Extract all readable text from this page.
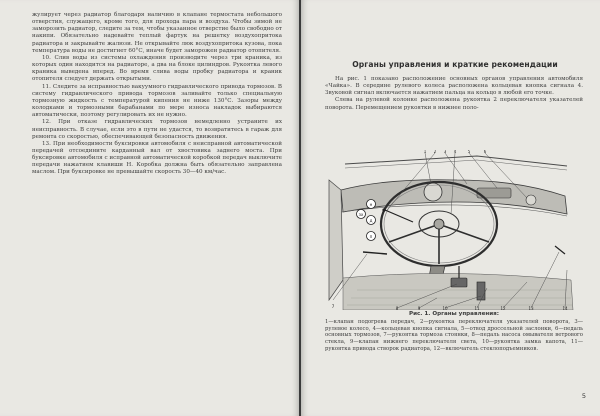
жулирует через радиатор благодаря наличию в клапане термостата небольшого отверстия, служащего, кроме того, для прохода пара и воздуха. Чтобы зимой не заморозить радиатор, следите за тем, чтобы указанное отверстие было свободно от накипи. Обязательно надевайте теплый фартук на решетку воздухопритока радиатора и закрывайте жалюзи. Не открывайте люк воздухопритока кузова, пока температура воды не достигнет 60°С, иначе будет заморожен радиатор отопителя.

10. Слив воды из системы охлаждения производите через три краника, из которых один находится на радиаторе, а два на блоке цилиндров. Рукоятка левого краника выведена вперед. Во время слива воды пробку радиатора и краник отопителя следует держать открытыми.

11. Следите за исправностью вакуумного гидравлического привода тормозов. В систему гидравлического привода тормозов заливайте только специальную тормозную жидкость с температурой кипения не ниже 130°С. Зазоры между колодками и тормозными барабанами по мере износа накладок выбираются автоматически, поэтому регулировать их не нужно.

12. При отказе гидравлических тормозов немедленно устраните их неисправность. В случае, если это в пути не удастся, то возвратитесь в гараж для ремонта со скоростью, обеспечивающей безопасность движения.

13. При необходимости буксировки автомобиля с неисправной автоматической передачей отсоедините карданный вал от хвостовика заднего моста. При буксировке автомобиля с исправной автоматической коробкой передач выключите передачи нажатием клавиши Н. Коробка должна быть обязательно заправлена маслом. При буксировке не превышайте скорость 30—40 км/час.

Органы управления и краткие рекомендации

На рис. 1 показано расположение основных органов управления автомобиля «Чайка». В середине рулевого колеса расположена кольцевая кнопка сигнала 4. Звуковой сигнал включается нажатием пальца на кольцо в любой его точке.

Слева на рулевой колонке расположена рукоятка 2 переключателя указателей поворота. Перемещением рукоятки в нижнее поло-

ЗХ
Н
Д
П
1 2 3 4	5	6
7	8	9	10	11	12	13	14
Рис. 1. Органы управления:
1—клапан подогрева передач, 2—рукоятка переключателя указателей поворота, 3—рулевое колесо, 4—кольцевая кнопка сигнала, 5—отвод дроссельной заслонки, 6—педаль основных тормозов, 7—рукоятка тормоза стоянки, 8—педаль насоса омывателя ветрового стекла, 9—клапан нижнего переключателя света, 10—рукоятка замка капота, 11—рукоятка привода створок радиатора, 12—включатель стеклоподъемников.
5
